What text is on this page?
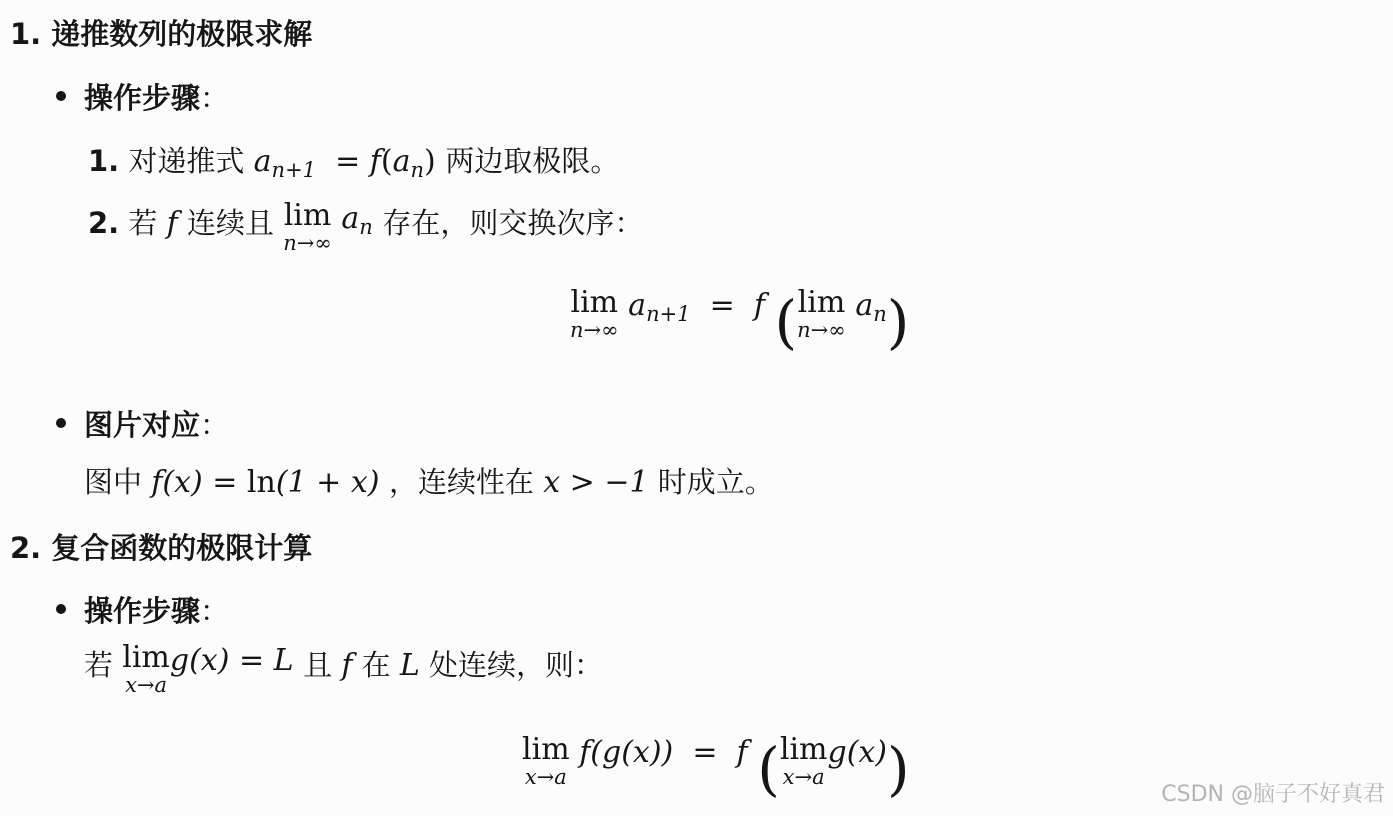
1. 递推数列的极限求解
操作步骤：
1. 对递推式 $a_{n+1} = f(a_n)$ 两边取极限。
2. 若 f 连续且 lim
n→∞
$a_n$ 存在，则交换次序：
lim
n→∞
$a_{n+1} = f$ ( lim
n→∞
$a_n$)
图片对应：
图中 f(x) = ln(1 + x) ，连续性在 x > −1 时成立。
2. 复合函数的极限计算
操作步骤：
若 lim
x→a
g(x) = L 且 f 在 L 处连续，则：
lim
x→a
f(g(x))  =  f ( lim
x→a
g(x))	CSDN @脑子不好真君
